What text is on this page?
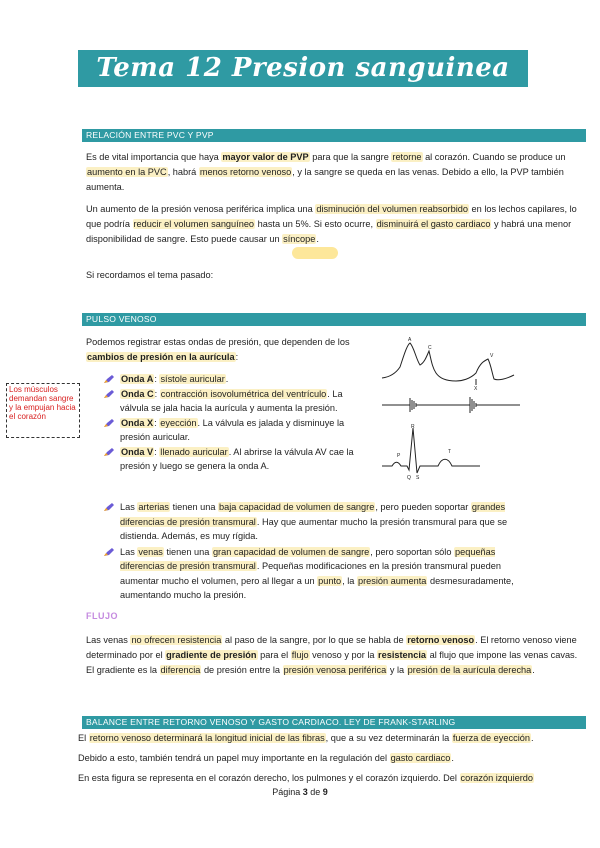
Tema 12 Presion sanguinea
RELACIÓN ENTRE PVC Y PVP
Es de vital importancia que haya mayor valor de PVP para que la sangre retorne al corazón. Cuando se produce un aumento en la PVC, habrá menos retorno venoso, y la sangre se queda en las venas. Debido a ello, la PVP también aumenta.
Un aumento de la presión venosa periférica implica una disminución del volumen reabsorbido en los lechos capilares, lo que podría reducir el volumen sanguíneo hasta un 5%. Si esto ocurre, disminuirá el gasto cardiaco y habrá una menor disponibilidad de sangre. Esto puede causar un síncope.
Si recordamos el tema pasado:
PULSO VENOSO
Podemos registrar estas ondas de presión, que dependen de los cambios de presión en la aurícula:
Los músculos demandan sangre y la empujan hacia el corazón
Onda A: sístole auricular.
Onda C: contracción isovolumétrica del ventrículo. La válvula se jala hacia la aurícula y aumenta la presión.
Onda X: eyección. La válvula es jalada y disminuye la presión auricular.
Onda V: llenado auricular. Al abrirse la válvula AV cae la presión y luego se genera la onda A.
A
C
X
V
R
P
Q S
T
Las arterias tienen una baja capacidad de volumen de sangre, pero pueden soportar grandes diferencias de presión transmural. Hay que aumentar mucho la presión transmural para que se distienda. Además, es muy rígida.
Las venas tienen una gran capacidad de volumen de sangre, pero soportan sólo pequeñas diferencias de presión transmural. Pequeñas modificaciones en la presión transmural pueden aumentar mucho el volumen, pero al llegar a un punto, la presión aumenta desmesuradamente, aumentando mucho la presión.
FLUJO
Las venas no ofrecen resistencia al paso de la sangre, por lo que se habla de retorno venoso. El retorno venoso viene determinado por el gradiente de presión para el flujo venoso y por la resistencia al flujo que impone las venas cavas. El gradiente es la diferencia de presión entre la presión venosa periférica y la presión de la aurícula derecha.
BALANCE ENTRE RETORNO VENOSO Y GASTO CARDIACO. LEY DE FRANK-STARLING
El retorno venoso determinará la longitud inicial de las fibras, que a su vez determinarán la fuerza de eyección.
Debido a esto, también tendrá un papel muy importante en la regulación del gasto cardiaco.
En esta figura se representa en el corazón derecho, los pulmones y el corazón izquierdo. Del corazón izquierdo
Página 3 de 9
